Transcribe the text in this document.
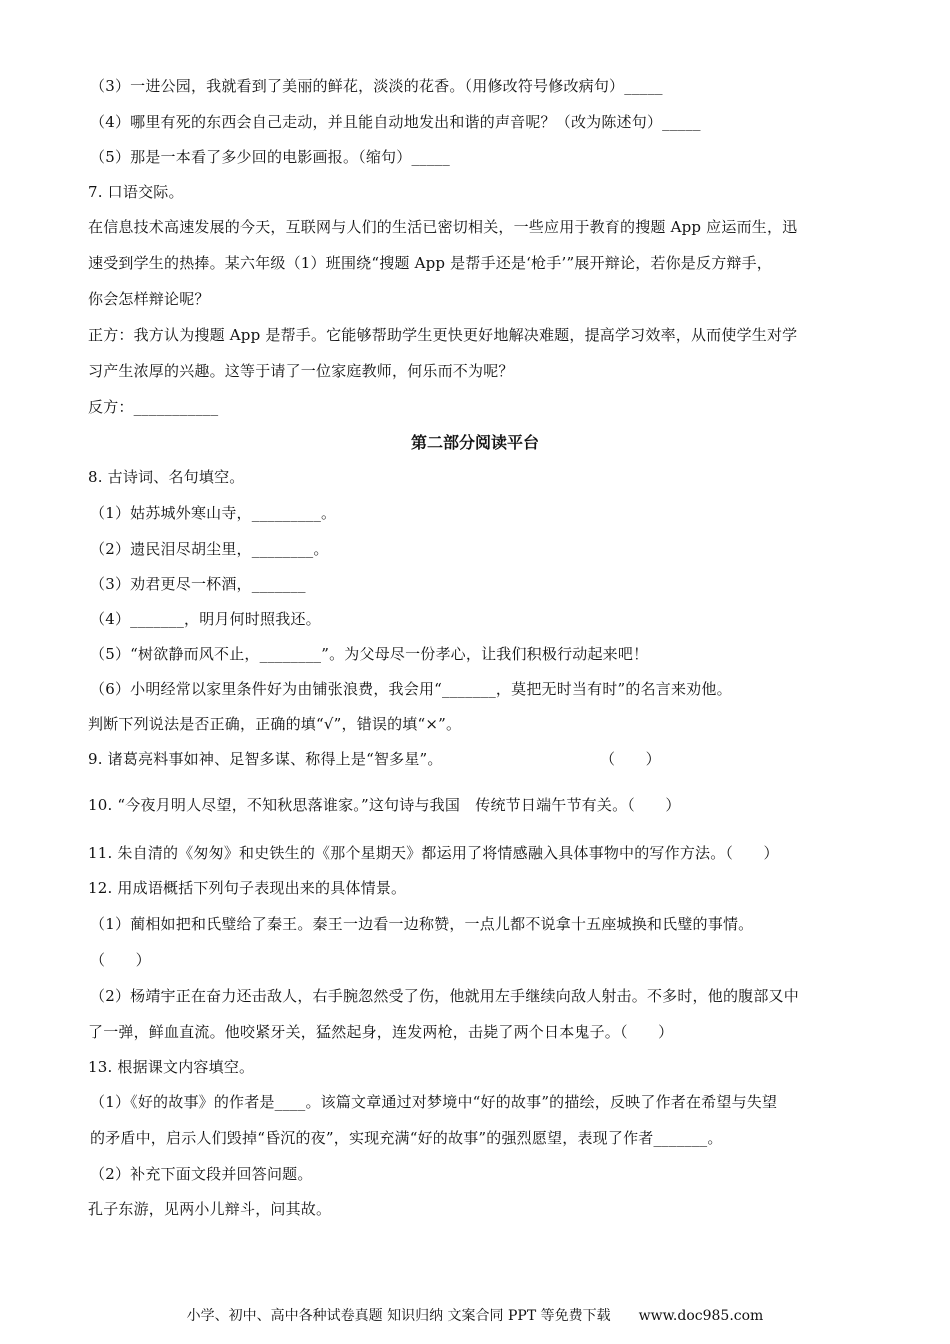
（3）一进公园，我就看到了美丽的鲜花，淡淡的花香。（用修改符号修改病句）_____
（4）哪里有死的东西会自己走动，并且能自动地发出和谐的声音呢？（改为陈述句）_____
（5）那是一本看了多少回的电影画报。（缩句）_____
7. 口语交际。
在信息技术高速发展的今天，互联网与人们的生活已密切相关，一些应用于教育的搜题 App 应运而生，迅
速受到学生的热捧。某六年级（1）班围绕“搜题 App 是帮手还是‘枪手’”展开辩论，若你是反方辩手，
你会怎样辩论呢？
正方：我方认为搜题 App 是帮手。它能够帮助学生更快更好地解决难题，提高学习效率，从而使学生对学
习产生浓厚的兴趣。这等于请了一位家庭教师，何乐而不为呢？
反方：___________
第二部分阅读平台
8. 古诗词、名句填空。
（1）姑苏城外寒山寺，_________。
（2）遗民泪尽胡尘里，________。
（3）劝君更尽一杯酒，_______
（4）_______，明月何时照我还。
（5）“树欲静而风不止，________”。为父母尽一份孝心，让我们积极行动起来吧！
（6）小明经常以家里条件好为由铺张浪费，我会用“_______，莫把无时当有时”的名言来劝他。
判断下列说法是否正确，正确的填“√”，错误的填“×”。
9. 诸葛亮料事如神、足智多谋、称得上是“智多星”。	（　　）
10. “今夜月明人尽望，不知秋思落谁家。”这句诗与我国　传统节日端午节有关。（　　）
11. 朱自清的《匆匆》和史铁生的《那个星期天》都运用了将情感融入具体事物中的写作方法。（　　）
12. 用成语概括下列句子表现出来的具体情景。
（1）蔺相如把和氏璧给了秦王。秦王一边看一边称赞，一点儿都不说拿十五座城换和氏璧的事情。
（　　）
（2）杨靖宇正在奋力还击敌人，右手腕忽然受了伤，他就用左手继续向敌人射击。不多时，他的腹部又中
了一弹，鲜血直流。他咬紧牙关，猛然起身，连发两枪，击毙了两个日本鬼子。（　　）
13. 根据课文内容填空。
（1）《好的故事》的作者是____。该篇文章通过对梦境中“好的故事”的描绘，反映了作者在希望与失望
的矛盾中，启示人们毁掉“昏沉的夜”，实现充满“好的故事”的强烈愿望，表现了作者_______。
（2）补充下面文段并回答问题。
孔子东游，见两小儿辩斗，问其故。
小学、初中、高中各种试卷真题 知识归纳 文案合同 PPT 等免费下载　　www.doc985.com
